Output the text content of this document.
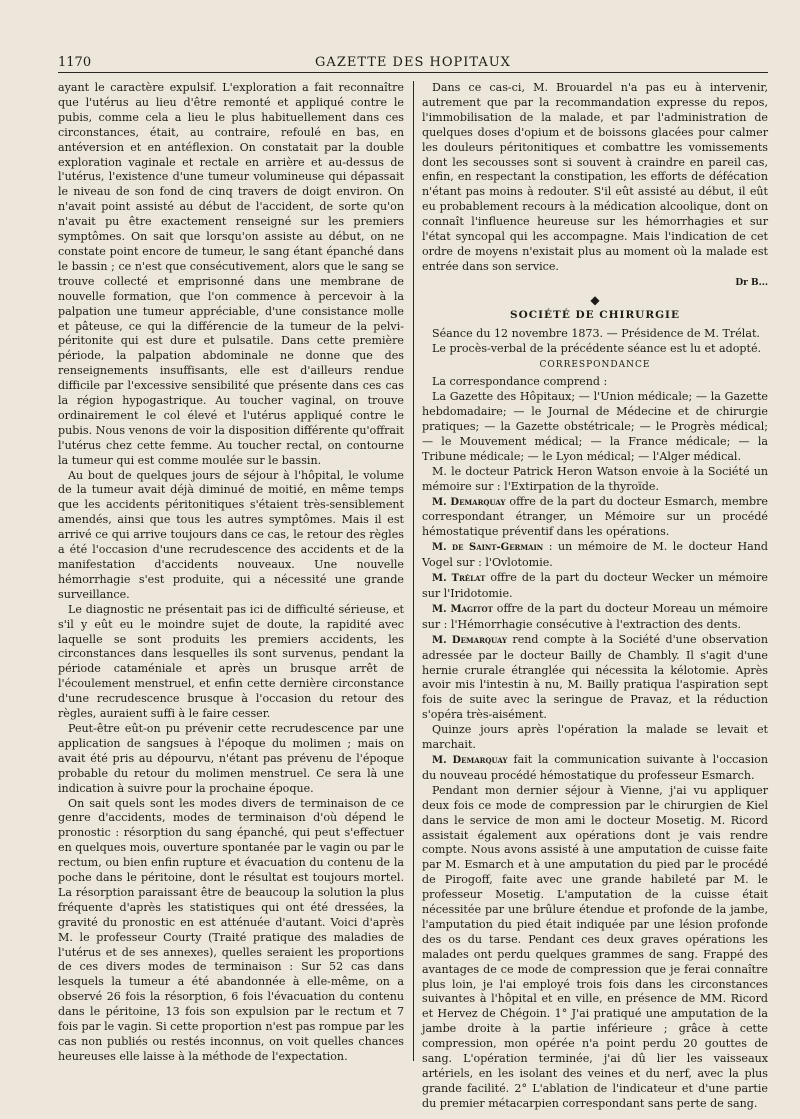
1170	GAZETTE DES HOPITAUX

ayant le caractère expulsif. L'exploration a fait reconnaître que l'utérus au lieu d'être remonté et appliqué contre le pubis, comme cela a lieu le plus habituellement dans ces circonstances, était, au contraire, refoulé en bas, en antéversion et en antéflexion. On constatait par la double exploration vaginale et rectale en arrière et au-dessus de l'utérus, l'existence d'une tumeur volumineuse qui dépassait le niveau de son fond de cinq travers de doigt environ. On n'avait point assisté au début de l'accident, de sorte qu'on n'avait pu être exactement renseigné sur les premiers symptômes. On sait que lorsqu'on assiste au début, on ne constate point encore de tumeur, le sang étant épanché dans le bassin ; ce n'est que consécutivement, alors que le sang se trouve collecté et emprisonné dans une membrane de nouvelle formation, que l'on commence à percevoir à la palpation une tumeur appréciable, d'une consistance molle et pâteuse, ce qui la différencie de la tumeur de la pelvi-péritonite qui est dure et pulsatile. Dans cette première période, la palpation abdominale ne donne que des renseignements insuffisants, elle est d'ailleurs rendue difficile par l'excessive sensibilité que présente dans ces cas la région hypogastrique. Au toucher vaginal, on trouve ordinairement le col élevé et l'utérus appliqué contre le pubis. Nous venons de voir la disposition différente qu'offrait l'utérus chez cette femme. Au toucher rectal, on contourne la tumeur qui est comme moulée sur le bassin.

Au bout de quelques jours de séjour à l'hôpital, le volume de la tumeur avait déjà diminué de moitié, en même temps que les accidents péritonitiques s'étaient très-sensiblement amendés, ainsi que tous les autres symptômes. Mais il est arrivé ce qui arrive toujours dans ce cas, le retour des règles a été l'occasion d'une recrudescence des accidents et de la manifestation d'accidents nouveaux. Une nouvelle hémorrhagie s'est produite, qui a nécessité une grande surveillance.

Le diagnostic ne présentait pas ici de difficulté sérieuse, et s'il y eût eu le moindre sujet de doute, la rapidité avec laquelle se sont produits les premiers accidents, les circonstances dans lesquelles ils sont survenus, pendant la période cataméniale et après un brusque arrêt de l'écoulement menstruel, et enfin cette dernière circonstance d'une recrudescence brusque à l'occasion du retour des règles, auraient suffi à le faire cesser.

Peut-être eût-on pu prévenir cette recrudescence par une application de sangsues à l'époque du molimen ; mais on avait été pris au dépourvu, n'étant pas prévenu de l'époque probable du retour du molimen menstruel. Ce sera là une indication à suivre pour la prochaine époque.

On sait quels sont les modes divers de terminaison de ce genre d'accidents, modes de terminaison d'où dépend le pronostic : résorption du sang épanché, qui peut s'effectuer en quelques mois, ouverture spontanée par le vagin ou par le rectum, ou bien enfin rupture et évacuation du contenu de la poche dans le péritoine, dont le résultat est toujours mortel. La résorption paraissant être de beaucoup la solution la plus fréquente d'après les statistiques qui ont été dressées, la gravité du pronostic en est atténuée d'autant. Voici d'après M. le professeur Courty (Traité pratique des maladies de l'utérus et de ses annexes), quelles seraient les proportions de ces divers modes de terminaison : Sur 52 cas dans lesquels la tumeur a été abandonnée à elle-même, on a observé 26 fois la résorption, 6 fois l'évacuation du contenu dans le péritoine, 13 fois son expulsion par le rectum et 7 fois par le vagin. Si cette proportion n'est pas rompue par les cas non publiés ou restés inconnus, on voit quelles chances heureuses elle laisse à la méthode de l'expectation.

Dans ce cas-ci, M. Brouardel n'a pas eu à intervenir, autrement que par la recommandation expresse du repos, l'immobilisation de la malade, et par l'administration de quelques doses d'opium et de boissons glacées pour calmer les douleurs péritonitiques et combattre les vomissements dont les secousses sont si souvent à craindre en pareil cas, enfin, en respectant la constipation, les efforts de défécation n'étant pas moins à redouter. S'il eût assisté au début, il eût eu probablement recours à la médication alcoolique, dont on connaît l'influence heureuse sur les hémorrhagies et sur l'état syncopal qui les accompagne. Mais l'indication de cet ordre de moyens n'existait plus au moment où la malade est entrée dans son service.

Dr B...
◆
SOCIÉTÉ DE CHIRURGIE

Séance du 12 novembre 1873. — Présidence de M. Trélat.

Le procès-verbal de la précédente séance est lu et adopté.

CORRESPONDANCE

La correspondance comprend :

La Gazette des Hôpitaux; — l'Union médicale; — la Gazette hebdomadaire; — le Journal de Médecine et de chirurgie pratiques; — la Gazette obstétricale; — le Progrès médical; — le Mouvement médical; — la France médicale; — la Tribune médicale; — le Lyon médical; — l'Alger médical.

M. le docteur Patrick Heron Watson envoie à la Société un mémoire sur : l'Extirpation de la thyroïde.

M. Demarquay offre de la part du docteur Esmarch, membre correspondant étranger, un Mémoire sur un procédé hémostatique préventif dans les opérations.

M. de Saint-Germain : un mémoire de M. le docteur Hand Vogel sur : l'Ovlotomie.

M. Trélat offre de la part du docteur Wecker un mémoire sur l'Iridotomie.

M. Magitot offre de la part du docteur Moreau un mémoire sur : l'Hémorrhagie consécutive à l'extraction des dents.

M. Demarquay rend compte à la Société d'une observation adressée par le docteur Bailly de Chambly. Il s'agit d'une hernie crurale étranglée qui nécessita la kélotomie. Après avoir mis l'intestin à nu, M. Bailly pratiqua l'aspiration sept fois de suite avec la seringue de Pravaz, et la réduction s'opéra très-aisément.

Quinze jours après l'opération la malade se levait et marchait.

M. Demarquay fait la communication suivante à l'occasion du nouveau procédé hémostatique du professeur Esmarch.

Pendant mon dernier séjour à Vienne, j'ai vu appliquer deux fois ce mode de compression par le chirurgien de Kiel dans le service de mon ami le docteur Mosetig. M. Ricord assistait également aux opérations dont je vais rendre compte. Nous avons assisté à une amputation de cuisse faite par M. Esmarch et à une amputation du pied par le procédé de Pirogoff, faite avec une grande habileté par M. le professeur Mosetig. L'amputation de la cuisse était nécessitée par une brûlure étendue et profonde de la jambe, l'amputation du pied était indiquée par une lésion profonde des os du tarse. Pendant ces deux graves opérations les malades ont perdu quelques grammes de sang. Frappé des avantages de ce mode de compression que je ferai connaître plus loin, je l'ai employé trois fois dans les circonstances suivantes à l'hôpital et en ville, en présence de MM. Ricord et Hervez de Chégoin. 1° J'ai pratiqué une amputation de la jambe droite à la partie inférieure ; grâce à cette compression, mon opérée n'a point perdu 20 gouttes de sang. L'opération terminée, j'ai dû lier les vaisseaux artériels, en les isolant des veines et du nerf, avec la plus grande facilité. 2° L'ablation de l'indicateur et d'une partie du premier métacarpien correspondant sans perte de sang.
